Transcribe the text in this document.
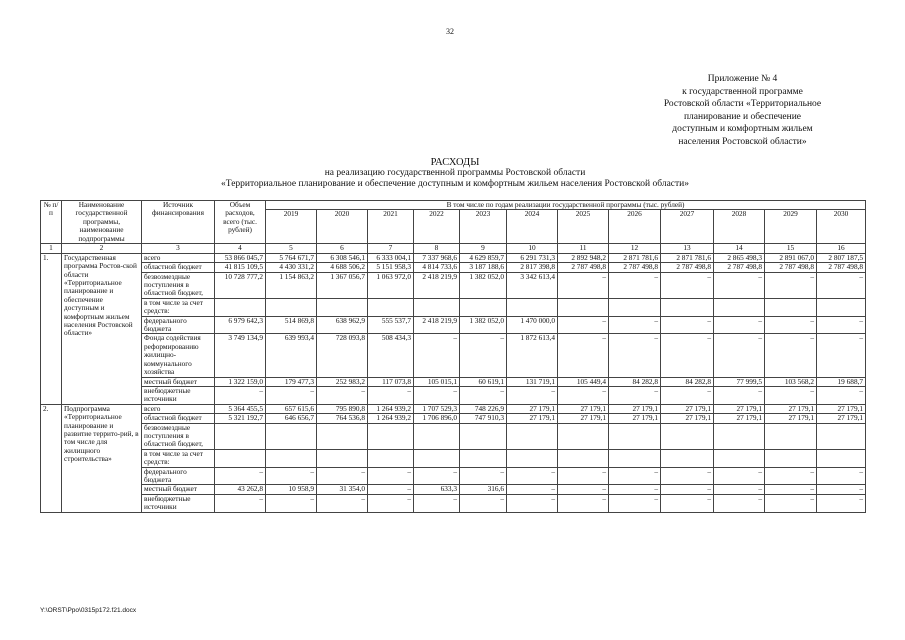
32
Приложение № 4
к государственной программе
Ростовской области «Территориальное
планирование и обеспечение
доступным и комфортным жильем
населения Ростовской области»
РАСХОДЫ
на реализацию государственной программы Ростовской области
«Территориальное планирование и обеспечение доступным и комфортным жильем населения Ростовской области»
№ п/п	Наименование государственной программы, наименование подпрограммы	Источник финансирования	Объем расходов, всего (тыс. рублей)	В том числе по годам реализации государственной программы (тыс. рублей)											
				2019	2020	2021	2022	2023	2024	2025	2026	2027	2028	2029	2030
1	2	3	4	5	6	7	8	9	10	11	12	13	14	15	16
1.	Государственная программа Ростов-ской области «Территориальное планирование и обеспечение доступным и комфортным жильем населения Ростовской области»	всего	53 866 045,7	5 764 671,7	6 308 546,1	6 333 004,1	7 337 968,6	4 629 859,7	6 291 731,3	2 892 948,2	2 871 781,6	2 871 781,6	2 865 498,3	2 891 067,0	2 807 187,5
		областной бюджет	41 815 109,5	4 430 331,2	4 688 506,2	5 151 958,3	4 814 733,6	3 187 188,6	2 817 398,8	2 787 498,8	2 787 498,8	2 787 498,8	2 787 498,8	2 787 498,8	2 787 498,8
		безвозмездные поступления в областной бюджет,	10 728 777,2	1 154 863,2	1 367 056,7	1 063 972,0	2 418 219,9	1 382 052,0	3 342 613,4	–	–	–	–	–	–
		в том числе за счет средств:													
		федерального бюджета	6 979 642,3	514 869,8	638 962,9	555 537,7	2 418 219,9	1 382 052,0	1 470 000,0	–	–	–	–	–	–
		Фонда содействия реформированию жилищно-коммунального хозяйства	3 749 134,9	639 993,4	728 093,8	508 434,3	–	–	1 872 613,4	–	–	–	–	–	–
		местный бюджет	1 322 159,0	179 477,3	252 983,2	117 073,8	105 015,1	60 619,1	131 719,1	105 449,4	84 282,8	84 282,8	77 999,5	103 568,2	19 688,7
		внебюджетные источники	–	–	–	–	–	–	–	–	–	–	–	–	–
2.	Подпрограмма «Территориальное планирование и развитие террито-рий, в том числе для жилищного строительства»	всего	5 364 455,5	657 615,6	795 890,8	1 264 939,2	1 707 529,3	748 226,9	27 179,1	27 179,1	27 179,1	27 179,1	27 179,1	27 179,1	27 179,1
		областной бюджет	5 321 192,7	646 656,7	764 536,8	1 264 939,2	1 706 896,0	747 910,3	27 179,1	27 179,1	27 179,1	27 179,1	27 179,1	27 179,1	27 179,1
		безвозмездные поступления в областной бюджет,													
		в том числе за счет средств:													
		федерального бюджета	–	–	–	–	–	–	–	–	–	–	–	–	–
		местный бюджет	43 262,8	10 958,9	31 354,0	–	633,3	316,6	–	–	–	–	–	–	–
		внебюджетные источники	–	–	–	–	–	–	–	–	–	–	–	–	–
Y:\ORST\Ppo\0315p172.f21.docx
